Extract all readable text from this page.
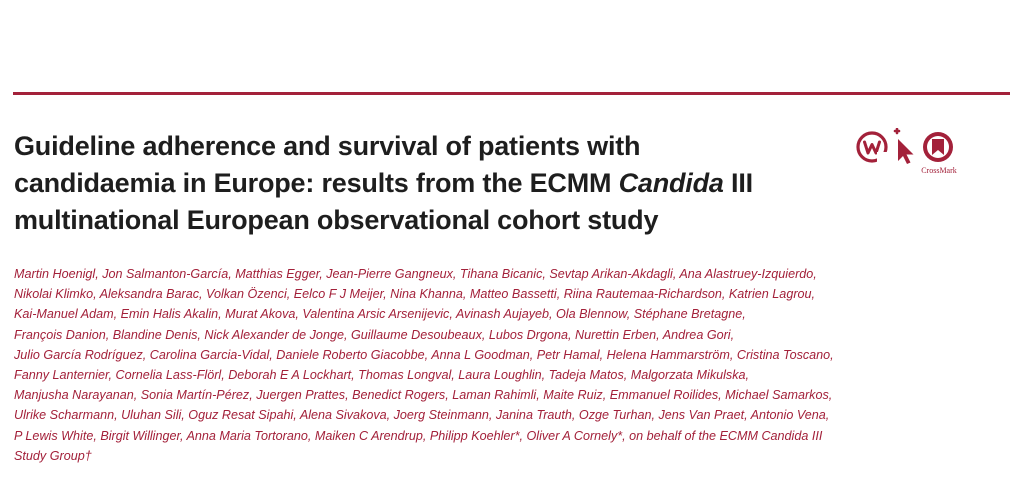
Guideline adherence and survival of patients with
candidaemia in Europe: results from the ECMM Candida III
multinational European observational cohort study
CrossMark

Martin Hoenigl, Jon Salmanton-García, Matthias Egger, Jean-Pierre Gangneux, Tihana Bicanic, Sevtap Arikan-Akdagli, Ana Alastruey-Izquierdo,
Nikolai Klimko, Aleksandra Barac, Volkan Özenci, Eelco F J Meijer, Nina Khanna, Matteo Bassetti, Riina Rautemaa-Richardson, Katrien Lagrou,
Kai-Manuel Adam, Emin Halis Akalin, Murat Akova, Valentina Arsic Arsenijevic, Avinash Aujayeb, Ola Blennow, Stéphane Bretagne,
François Danion, Blandine Denis, Nick Alexander de Jonge, Guillaume Desoubeaux, Lubos Drgona, Nurettin Erben, Andrea Gori,
Julio García Rodríguez, Carolina Garcia-Vidal, Daniele Roberto Giacobbe, Anna L Goodman, Petr Hamal, Helena Hammarström, Cristina Toscano,
Fanny Lanternier, Cornelia Lass-Flörl, Deborah E A Lockhart, Thomas Longval, Laura Loughlin, Tadeja Matos, Malgorzata Mikulska,
Manjusha Narayanan, Sonia Martín-Pérez, Juergen Prattes, Benedict Rogers, Laman Rahimli, Maite Ruiz, Emmanuel Roilides, Michael Samarkos,
Ulrike Scharmann, Uluhan Sili, Oguz Resat Sipahi, Alena Sivakova, Joerg Steinmann, Janina Trauth, Ozge Turhan, Jens Van Praet, Antonio Vena,
P Lewis White, Birgit Willinger, Anna Maria Tortorano, Maiken C Arendrup, Philipp Koehler*, Oliver A Cornely*, on behalf of the ECMM Candida III
Study Group†
